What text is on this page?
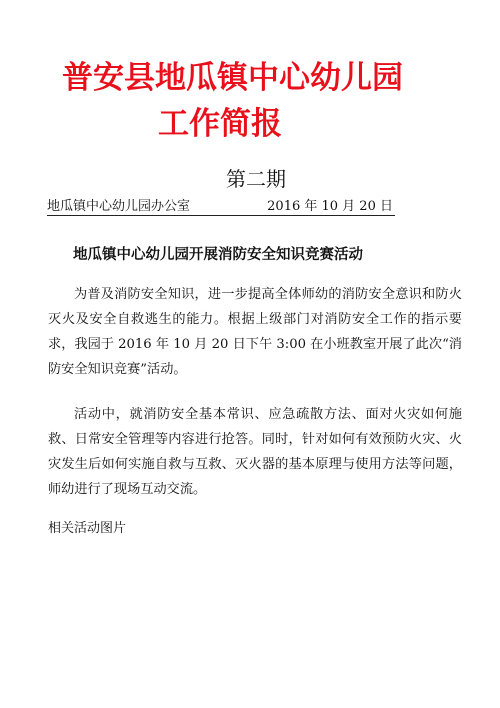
普安县地瓜镇中心幼儿园
工作简报
第二期
地瓜镇中心幼儿园办公室	2016 年 10 月 20 日
地瓜镇中心幼儿园开展消防安全知识竞赛活动

为普及消防安全知识，进一步提高全体师幼的消防安全意识和防火灭火及安全自救逃生的能力。根据上级部门对消防安全工作的指示要求，我园于 2016 年 10 月 20 日下午 3:00 在小班教室开展了此次“消防安全知识竞赛”活动。

活动中，就消防安全基本常识、应急疏散方法、面对火灾如何施救、日常安全管理等内容进行抢答。同时，针对如何有效预防火灾、火灾发生后如何实施自救与互救、灭火器的基本原理与使用方法等问题，师幼进行了现场互动交流。

相关活动图片
